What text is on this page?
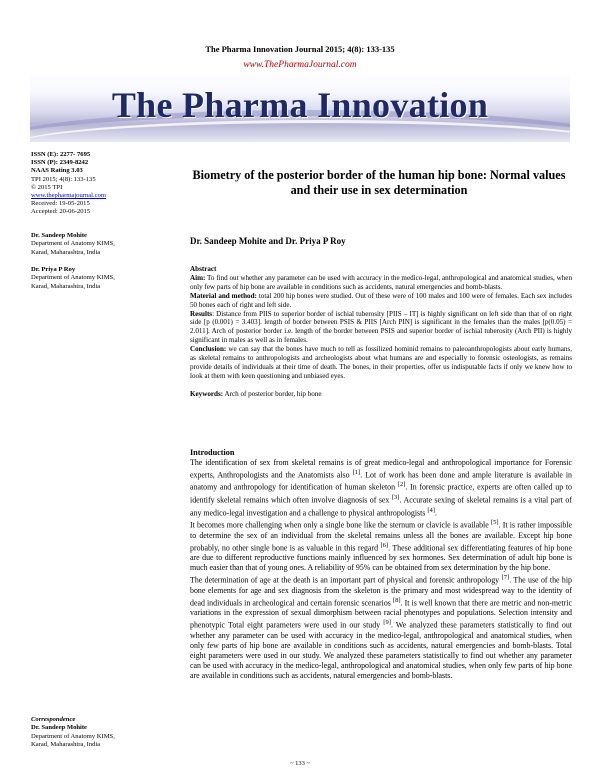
The Pharma Innovation Journal 2015; 4(8): 133-135
www.ThePharmaJournal.com
The Pharma Innovation
ISSN (E): 2277- 7695
ISSN (P): 2349-8242
NAAS Rating 3.03
TPI 2015; 4(8): 133-135
© 2015 TPI
www.thepharmajournal.com
Received: 19-05-2015
Accepted: 20-06-2015
Dr. Sandeep Mohite
Department of Anatomy KIMS,
Karad, Maharashtra, India
Dr. Priya P Roy
Department of Anatomy KIMS,
Karad, Maharashtra, India
Correspondence
Dr. Sandeep Mohite
Department of Anatomy KIMS,
Karad, Maharashtra, India
Biometry of the posterior border of the human hip bone: Normal values and their use in sex determination
Dr. Sandeep Mohite and Dr. Priya P Roy

Abstract

Aim: To find out whether any parameter can be used with accuracy in the medico-legal, anthropological and anatomical studies, when only few parts of hip bone are available in conditions such as accidents, natural emergencies and bomb-blasts.

Material and method: total 200 hip bones were studied. Out of these were of 100 males and 100 were of females. Each sex includes 50 bones each of right and left side.

Results: Distance from PIIS to superior border of ischial tuberosity [PIIS – IT] is highly significant on left side than that of on right side [p (0.001) = 3.403]. length of border between PSIS & PIIS [Arch PIN] is significant in the females than the males [p(0.05) = 2.011]. Arch of posterior border i.e. length of the border between PSIS and superior border of ischial tuberosity (Arch PII) is highly significant in males as well as in females.

Conclusion: we can say that the bones have much to tell as fossilized hominid remains to paleoanthropologists about early humans, as skeletal remains to anthropologists and archeologists about what humans are and especially to forensic osteologists, as remains provide details of individuals at their time of death. The bones, in their properties, offer us indisputable facts if only we knew how to look at them with keen questioning and unbiased eyes.

Keywords: Arch of posterior border, hip bone

Introduction

The identification of sex from skeletal remains is of great medico-legal and anthropological importance for Forensic experts, Anthropologists and the Anatomists also [1]. Lot of work has been done and ample literature is available in anatomy and anthropology for identification of human skeleton [2]. In forensic practice, experts are often called up to identify skeletal remains which often involve diagnosis of sex [3]. Accurate sexing of skeletal remains is a vital part of any medico-legal investigation and a challenge to physical anthropologists [4].

It becomes more challenging when only a single bone like the sternum or clavicle is available [5]. It is rather impossible to determine the sex of an individual from the skeletal remains unless all the bones are available. Except hip bone probably, no other single bone is as valuable in this regard [6]. These additional sex differentiating features of hip bone are due to different reproductive functions mainly influenced by sex hormones. Sex determination of adult hip bone is much easier than that of young ones. A reliability of 95% can be obtained from sex determination by the hip bone.

The determination of age at the death is an important part of physical and forensic anthropology [7]. The use of the hip bone elements for age and sex diagnosis from the skeleton is the primary and most widespread way to the identity of dead individuals in archeological and certain forensic scenarios [8]. It is well known that there are metric and non-metric variations in the expression of sexual dimorphism between racial phenotypes and populations. Selection intensity and phenotypic Total eight parameters were used in our study [9]. We analyzed these parameters statistically to find out whether any parameter can be used with accuracy in the medico-legal, anthropological and anatomical studies, when only few parts of hip bone are available in conditions such as accidents, natural emergencies and bomb-blasts. Total eight parameters were used in our study. We analyzed these parameters statistically to find out whether any parameter can be used with accuracy in the medico-legal, anthropological and anatomical studies, when only few parts of hip bone are available in conditions such as accidents, natural emergencies and bomb-blasts.

~ 133 ~
